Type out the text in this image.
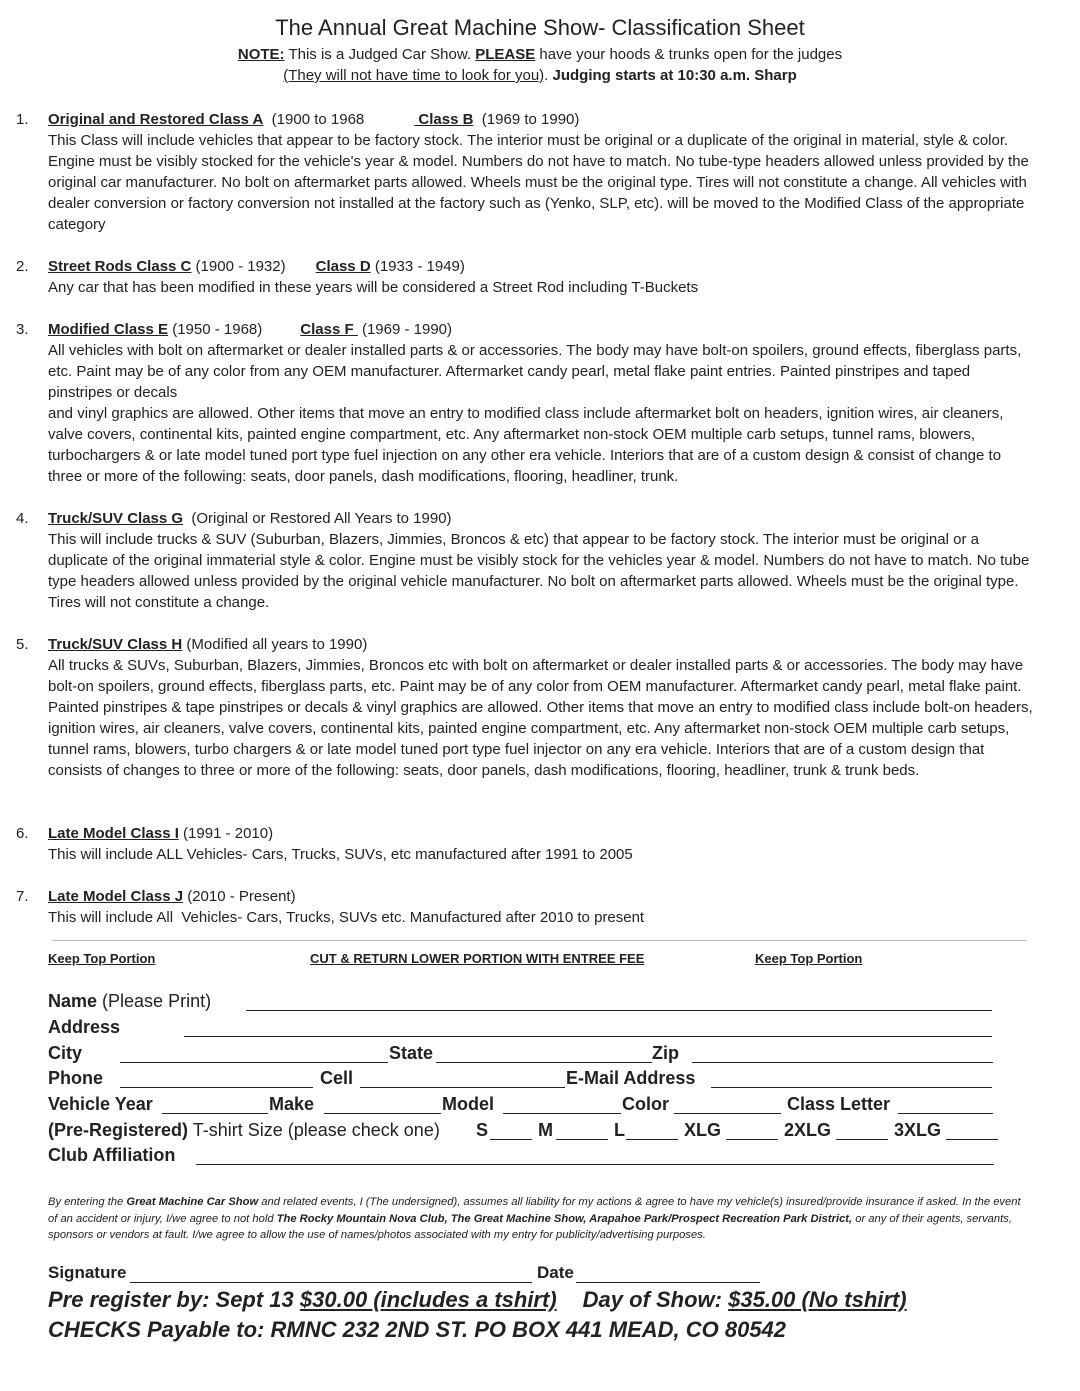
The Annual Great Machine Show- Classification Sheet
NOTE: This is a Judged Car Show. PLEASE have your hoods & trunks open for the judges
(They will not have time to look for you). Judging starts at 10:30 a.m. Sharp
1. Original and Restored Class A  (1900 to 1968	Class B  (1969 to 1990)
This Class will include vehicles that appear to be factory stock. The interior must be original or a duplicate of the original in material, style & color. Engine must be visibly stocked for the vehicle's year & model. Numbers do not have to match. No tube-type headers allowed unless provided by the original car manufacturer. No bolt on aftermarket parts allowed. Wheels must be the original type. Tires will not constitute a change. All vehicles with dealer conversion or factory conversion not installed at the factory such as (Yenko, SLP, etc). will be moved to the Modified Class of the appropriate category
2. Street Rods Class C (1900 - 1932) Class D (1933 - 1949)
Any car that has been modified in these years will be considered a Street Rod including T-Buckets
3. Modified Class E (1950 - 1968)	Class F  (1969 - 1990)
All vehicles with bolt on aftermarket or dealer installed parts & or accessories. The body may have bolt-on spoilers, ground effects, fiberglass parts, etc. Paint may be of any color from any OEM manufacturer. Aftermarket candy pearl, metal flake paint entries. Painted pinstripes and taped pinstripes or decals
and vinyl graphics are allowed. Other items that move an entry to modified class include aftermarket bolt on headers, ignition wires, air cleaners, valve covers, continental kits, painted engine compartment, etc. Any aftermarket non-stock OEM multiple carb setups, tunnel rams, blowers, turbochargers & or late model tuned port type fuel injection on any other era vehicle. Interiors that are of a custom design & consist of change to three or more of the following: seats, door panels, dash modifications, flooring, headliner, trunk.
4. Truck/SUV Class G  (Original or Restored All Years to 1990)
This will include trucks & SUV (Suburban, Blazers, Jimmies, Broncos & etc) that appear to be factory stock. The interior must be original or a duplicate of the original immaterial style & color. Engine must be visibly stock for the vehicles year & model. Numbers do not have to match. No tube type headers allowed unless provided by the original vehicle manufacturer. No bolt on aftermarket parts allowed. Wheels must be the original type. Tires will not constitute a change.
5. Truck/SUV Class H (Modified all years to 1990)
All trucks & SUVs, Suburban, Blazers, Jimmies, Broncos etc with bolt on aftermarket or dealer installed parts & or accessories. The body may have bolt-on spoilers, ground effects, fiberglass parts, etc. Paint may be of any color from OEM manufacturer. Aftermarket candy pearl, metal flake paint. Painted pinstripes & tape pinstripes or decals & vinyl graphics are allowed. Other items that move an entry to modified class include bolt-on headers, ignition wires, air cleaners, valve covers, continental kits, painted engine compartment, etc. Any aftermarket non-stock OEM multiple carb setups, tunnel rams, blowers, turbo chargers & or late model tuned port type fuel injector on any era vehicle. Interiors that are of a custom design that consists of changes to three or more of the following: seats, door panels, dash modifications, flooring, headliner, trunk & trunk beds.
6. Late Model Class I (1991 - 2010)
This will include ALL Vehicles- Cars, Trucks, SUVs, etc manufactured after 1991 to 2005
7. Late Model Class J (2010 - Present)
This will include All  Vehicles- Cars, Trucks, SUVs etc. Manufactured after 2010 to present
Keep Top Portion	CUT & RETURN LOWER PORTION WITH ENTREE FEE	Keep Top Portion
Name (Please Print)
Address
City	State	Zip
Phone	Cell	E-Mail Address
Vehicle Year	Make	Model	Color	Class Letter
(Pre-Registered) T-shirt Size (please check one) S	M	L	XLG	2XLG	3XLG
Club Affiliation
By entering the Great Machine Car Show and related events, I (The undersigned), assumes all liability for my actions & agree to have my vehicle(s) insured/provide insurance if asked. In the event of an accident or injury, I/we agree to not hold The Rocky Mountain Nova Club, The Great Machine Show, Arapahoe Park/Prospect Recreation Park District, or any of their agents, servants, sponsors or vendors at fault. I/we agree to allow the use of names/photos associated with my entry for publicity/advertising purposes.
Signature	Date
Pre register by: Sept 13 $30.00 (includes a tshirt) Day of Show: $35.00 (No tshirt)
CHECKS Payable to: RMNC 232 2ND ST. PO BOX 441 MEAD, CO 80542
